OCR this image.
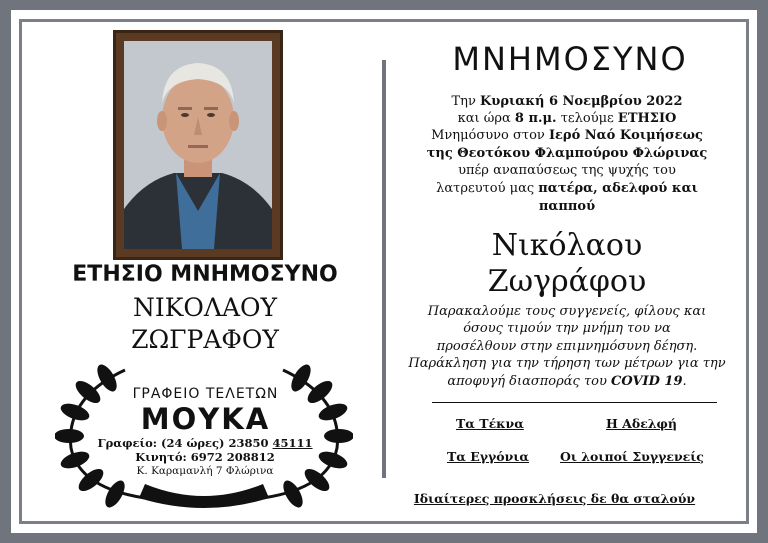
ΕΤΗΣΙΟ ΜΝΗΜΟΣΥΝΟ
ΝΙΚΟΛΑΟΥ
ΖΩΓΡΑΦΟΥ
ΓΡΑΦΕΙΟ ΤΕΛΕΤΩΝ
ΜΟΥΚΑ
Γραφείο: (24 ώρες) 23850 45111
Κινητό: 6972 208812
Κ. Καραμανλή 7 Φλώρινα
ΜΝΗΜΟΣΥΝΟ
Την Κυριακή 6 Νοεμβρίου 2022
και ώρα 8 π.μ. τελούμε ΕΤΗΣΙΟ
Μνημόσυνο στον Ιερό Ναό Κοιμήσεως
της Θεοτόκου Φλαμπούρου Φλώρινας
υπέρ αναπαύσεως της ψυχής του
λατρευτού μας πατέρα, αδελφού και
παππού
Νικόλαου
Ζωγράφου
Παρακαλούμε τους συγγενείς, φίλους και
όσους τιμούν την μνήμη του να
προσέλθουν στην επιμνημόσυνη δέηση.
Παράκληση για την τήρηση των μέτρων για την
αποφυγή διασποράς του COVID 19.
Τα Τέκνα	Η Αδελφή
Τα Εγγόνια Οι λοιποί Συγγενείς
Ιδιαίτερες προσκλήσεις δε θα σταλούν
